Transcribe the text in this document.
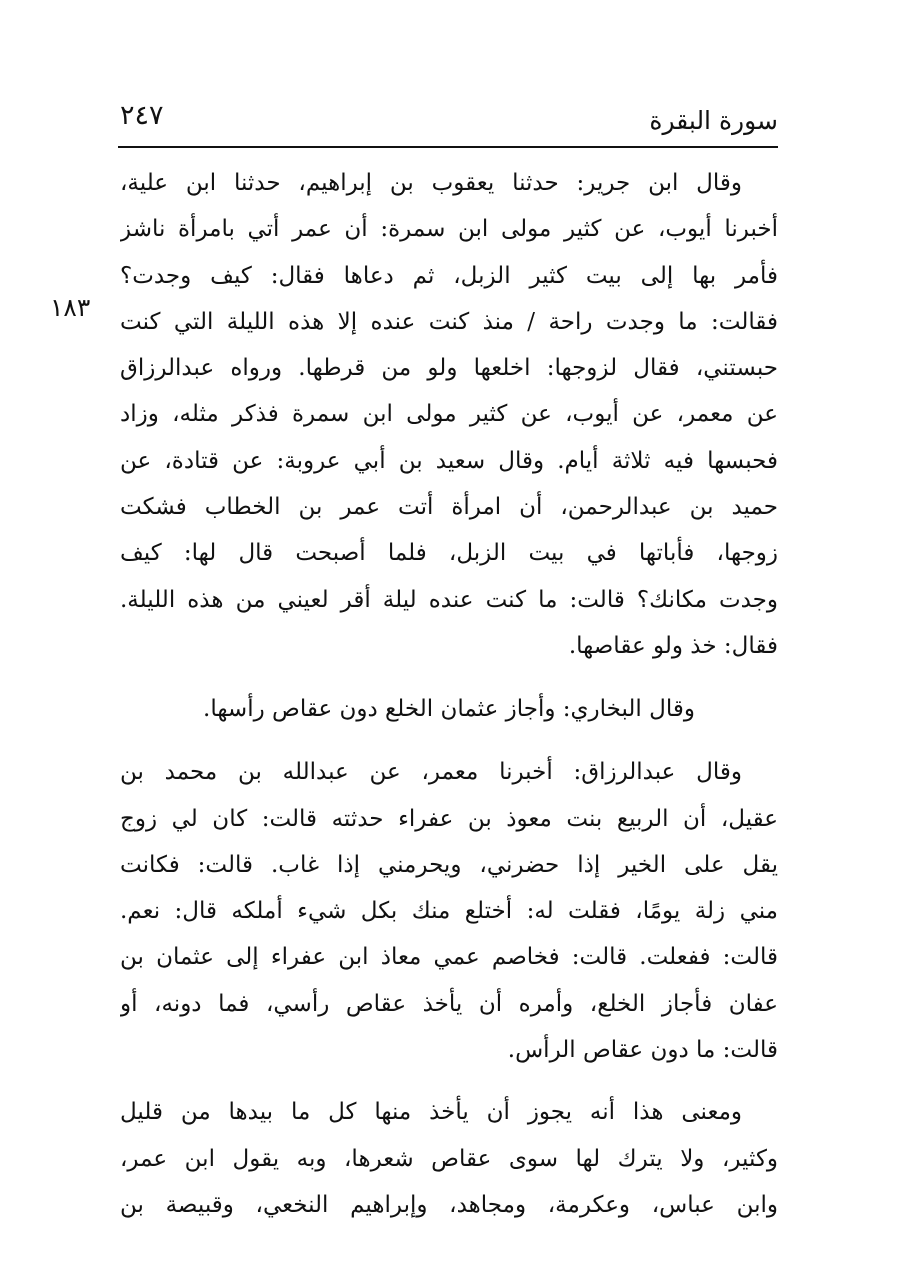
٢٤٧	سورة البقرة
١٨٣
وقال ابن جرير: حدثنا يعقوب بن إبراهيم، حدثنا ابن علية،
أخبرنا أيوب، عن كثير مولى ابن سمرة: أن عمر أتي بامرأة ناشز
فأمر بها إلى بيت كثير الزبل، ثم دعاها فقال: كيف وجدت؟
فقالت: ما وجدت راحة / منذ كنت عنده إلا هذه الليلة التي كنت
حبستني، فقال لزوجها: اخلعها ولو من قرطها. ورواه عبدالرزاق
عن معمر، عن أيوب، عن كثير مولى ابن سمرة فذكر مثله، وزاد
فحبسها فيه ثلاثة أيام. وقال سعيد بن أبي عروبة: عن قتادة، عن
حميد بن عبدالرحمن، أن امرأة أتت عمر بن الخطاب فشكت
زوجها، فأباتها في بيت الزبل، فلما أصبحت قال لها: كيف
وجدت مكانك؟ قالت: ما كنت عنده ليلة أقر لعيني من هذه الليلة.
فقال: خذ ولو عقاصها.
وقال البخاري: وأجاز عثمان الخلع دون عقاص رأسها.
وقال عبدالرزاق: أخبرنا معمر، عن عبدالله بن محمد بن
عقيل، أن الربيع بنت معوذ بن عفراء حدثته قالت: كان لي زوج
يقل على الخير إذا حضرني، ويحرمني إذا غاب. قالت: فكانت
مني زلة يومًا، فقلت له: أختلع منك بكل شيء أملكه قال: نعم.
قالت: ففعلت. قالت: فخاصم عمي معاذ ابن عفراء إلى عثمان بن
عفان فأجاز الخلع، وأمره أن يأخذ عقاص رأسي، فما دونه، أو
قالت: ما دون عقاص الرأس.
ومعنى هذا أنه يجوز أن يأخذ منها كل ما بيدها من قليل
وكثير، ولا يترك لها سوى عقاص شعرها، وبه يقول ابن عمر،
وابن عباس، وعكرمة، ومجاهد، وإبراهيم النخعي، وقبيصة بن
